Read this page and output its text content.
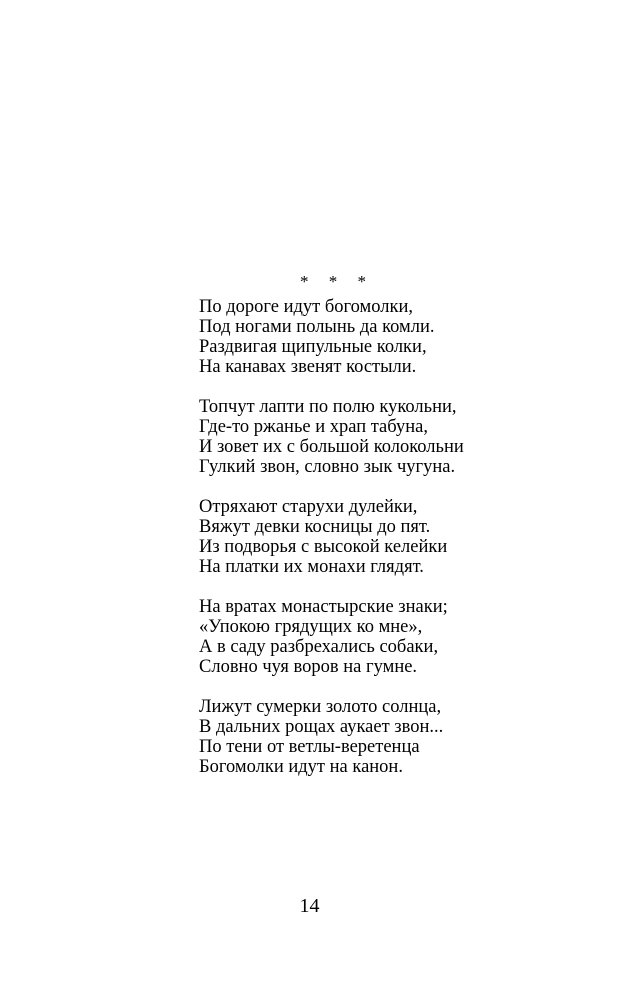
* * *
По дороге идут богомолки,
Под ногами полынь да комли.
Раздвигая щипульные колки,
На канавах звенят костыли.
Топчут лапти по полю кукольни,
Где-то ржанье и храп табуна,
И зовет их с большой колокольни
Гулкий звон, словно зык чугуна.
Отряхают старухи дулейки,
Вяжут девки косницы до пят.
Из подворья с высокой келейки
На платки их монахи глядят.
На вратах монастырские знаки;
«Упокою грядущих ко мне»,
А в саду разбрехались собаки,
Словно чуя воров на гумне.
Лижут сумерки золото солнца,
В дальних рощах аукает звон...
По тени от ветлы-веретенца
Богомолки идут на канон.
14
